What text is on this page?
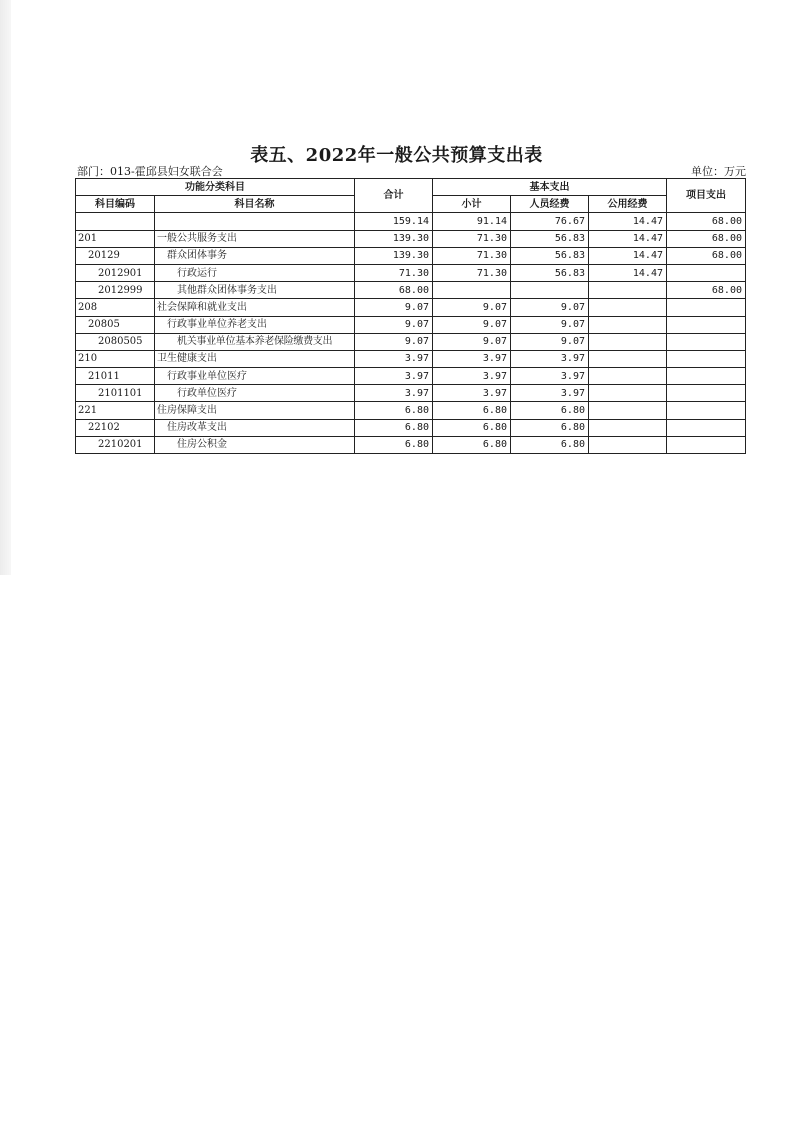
表五、2022年一般公共预算支出表
部门：013-霍邱县妇女联合会	单位：万元
功能分类科目		合计	基本支出			项目支出
科目编码	科目名称		小计	人员经费	公用经费	
		159.14	91.14	76.67	14.47	68.00
201	一般公共服务支出	139.30	71.30	56.83	14.47	68.00
20129	群众团体事务	139.30	71.30	56.83	14.47	68.00
2012901	行政运行	71.30	71.30	56.83	14.47	
2012999	其他群众团体事务支出	68.00				68.00
208	社会保障和就业支出	9.07	9.07	9.07		
20805	行政事业单位养老支出	9.07	9.07	9.07		
2080505	机关事业单位基本养老保险缴费支出	9.07	9.07	9.07		
210	卫生健康支出	3.97	3.97	3.97		
21011	行政事业单位医疗	3.97	3.97	3.97		
2101101	行政单位医疗	3.97	3.97	3.97		
221	住房保障支出	6.80	6.80	6.80		
22102	住房改革支出	6.80	6.80	6.80		
2210201	住房公积金	6.80	6.80	6.80		
